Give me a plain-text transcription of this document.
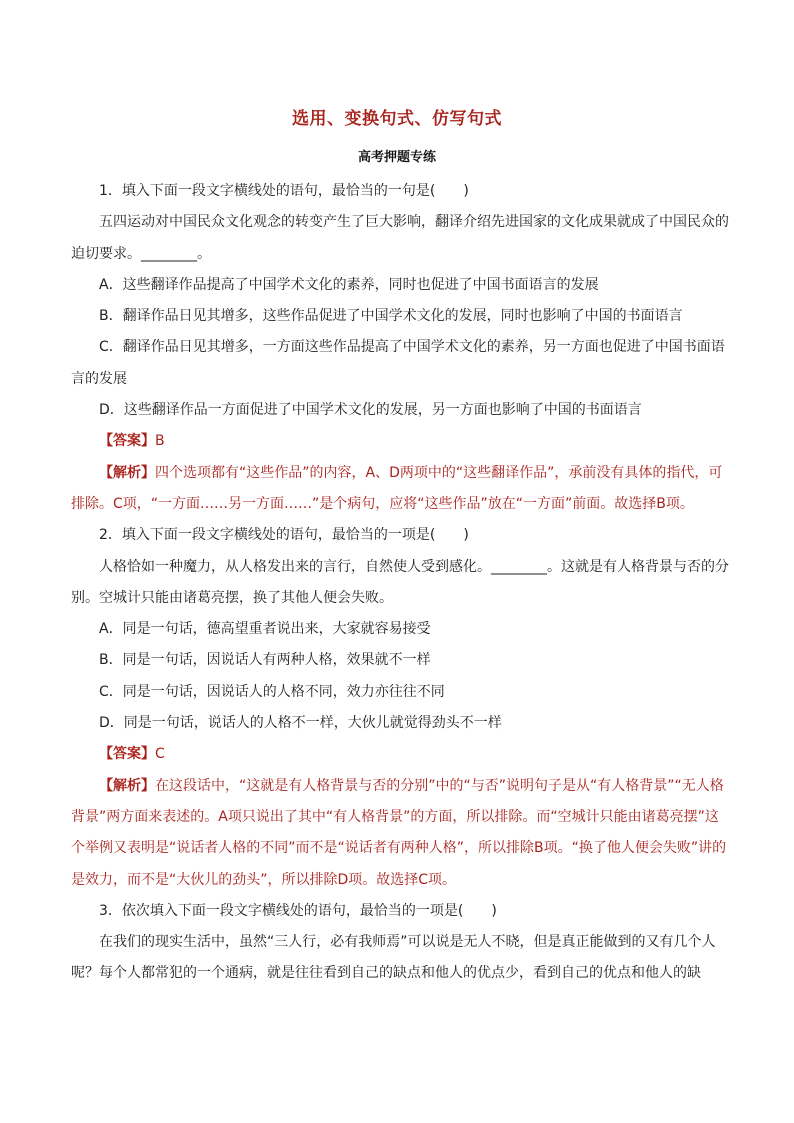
选用、变换句式、仿写句式
高考押题专练

1．填入下面一段文字横线处的语句，最恰当的一句是(　　)

五四运动对中国民众文化观念的转变产生了巨大影响，翻译介绍先进国家的文化成果就成了中国民众的迫切要求。________。

A．这些翻译作品提高了中国学术文化的素养，同时也促进了中国书面语言的发展

B．翻译作品日见其增多，这些作品促进了中国学术文化的发展，同时也影响了中国的书面语言

C．翻译作品日见其增多，一方面这些作品提高了中国学术文化的素养，另一方面也促进了中国书面语言的发展

D．这些翻译作品一方面促进了中国学术文化的发展，另一方面也影响了中国的书面语言

【答案】B

【解析】四个选项都有“这些作品”的内容，A、D两项中的“这些翻译作品”，承前没有具体的指代，可排除。C项，“一方面……另一方面……”是个病句，应将“这些作品”放在“一方面”前面。故选择B项。

2．填入下面一段文字横线处的语句，最恰当的一项是(　　)

人格恰如一种魔力，从人格发出来的言行，自然使人受到感化。________。这就是有人格背景与否的分别。空城计只能由诸葛亮摆，换了其他人便会失败。

A．同是一句话，德高望重者说出来，大家就容易接受

B．同是一句话，因说话人有两种人格，效果就不一样

C．同是一句话，因说话人的人格不同，效力亦往往不同

D．同是一句话，说话人的人格不一样，大伙儿就觉得劲头不一样

【答案】C

【解析】在这段话中，“这就是有人格背景与否的分别”中的“与否”说明句子是从“有人格背景”“无人格背景”两方面来表述的。A项只说出了其中“有人格背景”的方面，所以排除。而“空城计只能由诸葛亮摆”这个举例又表明是“说话者人格的不同”而不是“说话者有两种人格”，所以排除B项。“换了他人便会失败”讲的是效力，而不是“大伙儿的劲头”，所以排除D项。故选择C项。

3．依次填入下面一段文字横线处的语句，最恰当的一项是(　　)

在我们的现实生活中，虽然“三人行，必有我师焉”可以说是无人不晓，但是真正能做到的又有几个人呢？每个人都常犯的一个通病，就是往往看到自己的缺点和他人的优点少，看到自己的优点和他人的缺
